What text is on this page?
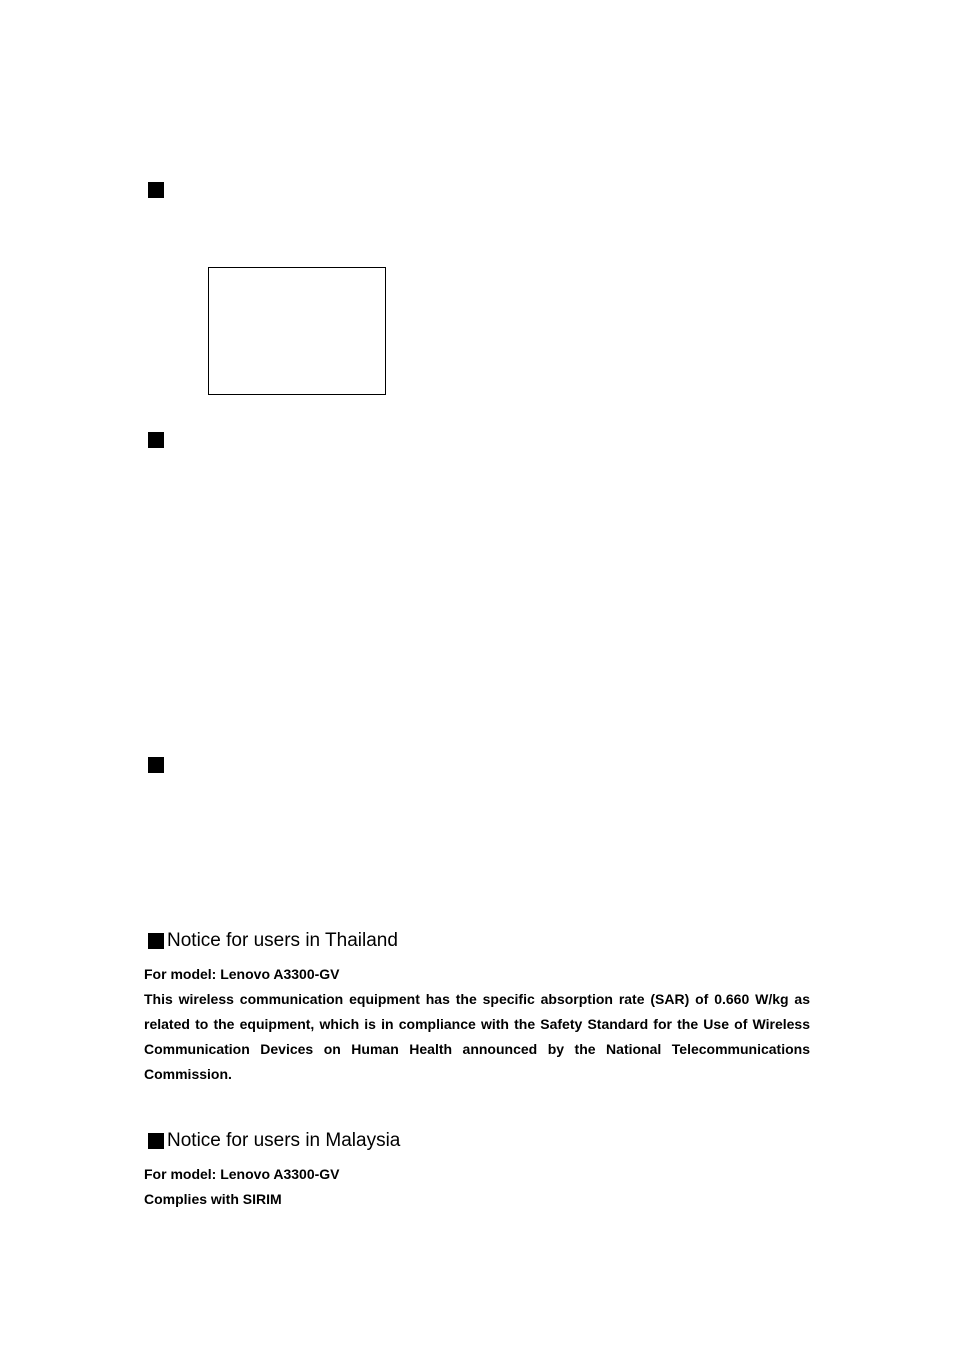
Notice for users in Thailand

For model: Lenovo A3300-GV

This wireless communication equipment has the specific absorption rate (SAR) of 0.660 W/kg as related to the equipment, which is in compliance with the Safety Standard for the Use of Wireless Communication Devices on Human Health announced by the National Telecommunications Commission.

Notice for users in Malaysia

For model: Lenovo A3300-GV

Complies with SIRIM
